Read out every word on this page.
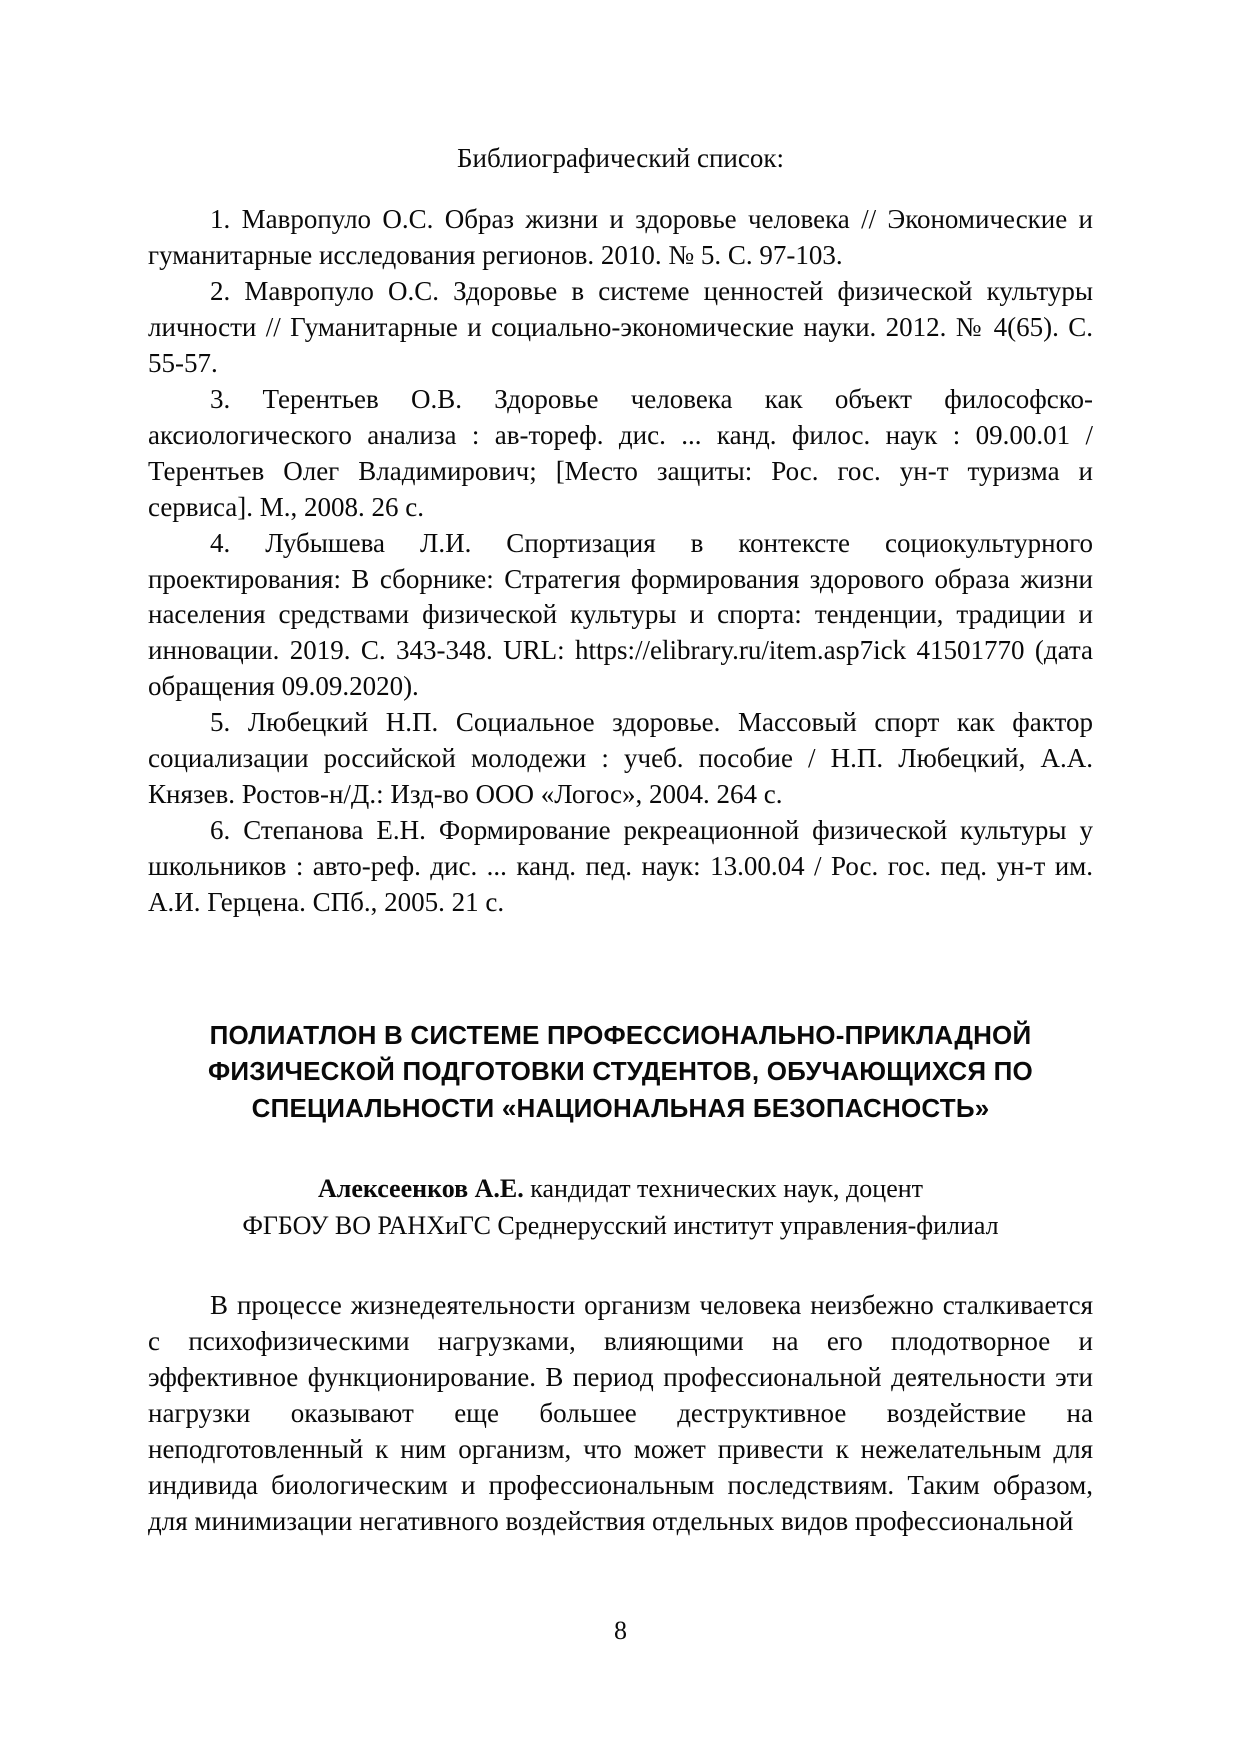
Библиографический список:

1. Мавропуло О.С. Образ жизни и здоровье человека // Экономические и гуманитарные исследования регионов. 2010. № 5. С. 97-103.

2. Мавропуло О.С. Здоровье в системе ценностей физической культуры личности // Гуманитарные и социально-экономические науки. 2012. № 4(65). С. 55-57.

3. Терентьев О.В. Здоровье человека как объект философско-аксиологического анализа : ав-тореф. дис. ... канд. филос. наук : 09.00.01 / Терентьев Олег Владимирович; [Место защиты: Рос. гос. ун-т туризма и сервиса]. М., 2008. 26 с.

4. Лубышева Л.И. Спортизация в контексте социокультурного проектирования: В сборнике: Стратегия формирования здорового образа жизни населения средствами физической культуры и спорта: тенденции, традиции и инновации. 2019. С. 343-348. URL: https://elibrary.ru/item.asp7ick 41501770 (дата обращения 09.09.2020).

5. Любецкий Н.П. Социальное здоровье. Массовый спорт как фактор социализации российской молодежи : учеб. пособие / Н.П. Любецкий, А.А. Князев. Ростов-н/Д.: Изд-во ООО «Логос», 2004. 264 с.

6. Степанова Е.Н. Формирование рекреационной физической культуры у школьников : авто-реф. дис. ... канд. пед. наук: 13.00.04 / Рос. гос. пед. ун-т им. А.И. Герцена. СПб., 2005. 21 с.

ПОЛИАТЛОН В СИСТЕМЕ ПРОФЕССИОНАЛЬНО-ПРИКЛАДНОЙ ФИЗИЧЕСКОЙ ПОДГОТОВКИ СТУДЕНТОВ, ОБУЧАЮЩИХСЯ ПО СПЕЦИАЛЬНОСТИ «НАЦИОНАЛЬНАЯ БЕЗОПАСНОСТЬ»

Алексеенков А.Е. кандидат технических наук, доцент

ФГБОУ ВО РАНХиГС Среднерусский институт управления-филиал

В процессе жизнедеятельности организм человека неизбежно сталкивается с психофизическими нагрузками, влияющими на его плодотворное и эффективное функционирование. В период профессиональной деятельности эти нагрузки оказывают еще большее деструктивное воздействие на неподготовленный к ним организм, что может привести к нежелательным для индивида биологическим и профессиональным последствиям. Таким образом, для минимизации негативного воздействия отдельных видов профессиональной

8
